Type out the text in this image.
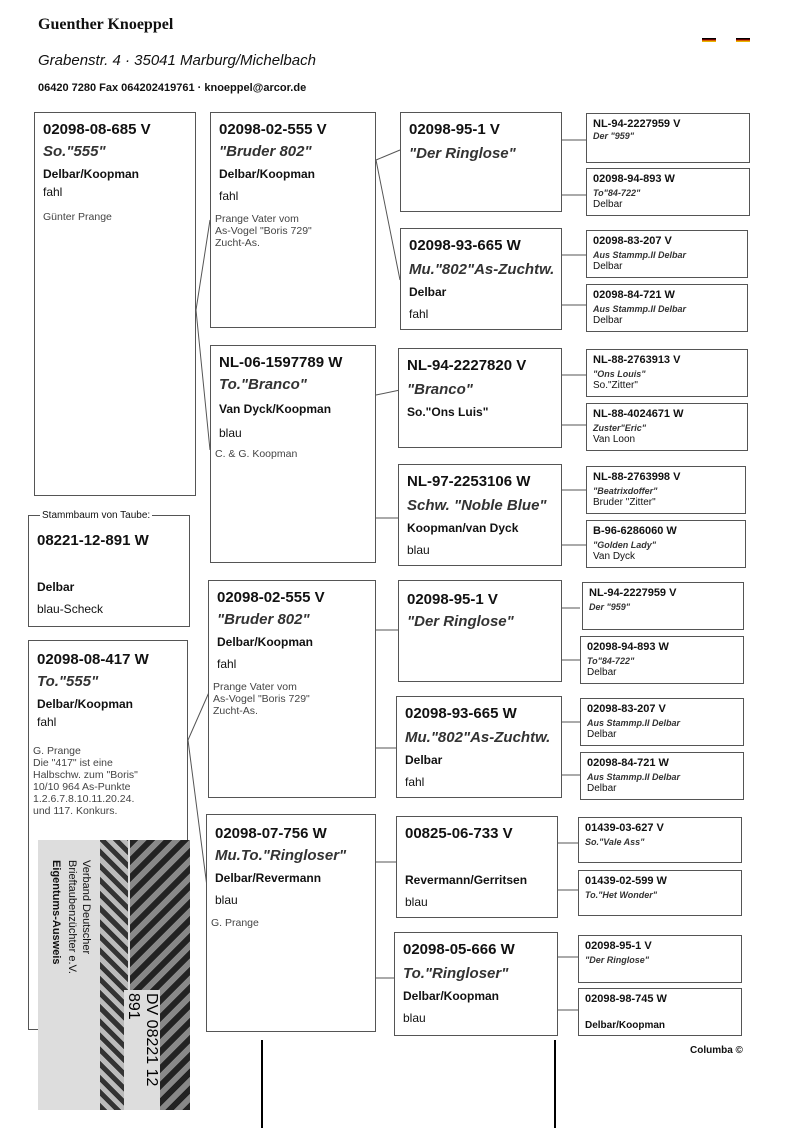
Guenther Knoeppel
Grabenstr. 4 · 35041 Marburg/Michelbach
06420 7280 Fax 064202419761 · knoeppel@arcor.de
02098-08-685 V
So."555"
Delbar/Koopman
fahl
Günter Prange
08221-12-891 W
Delbar
blau-Scheck
Stammbaum von Taube:
02098-08-417 W
To."555"
Delbar/Koopman
fahl
G. Prange
Die "417" ist eine
Halbschw. zum "Boris"
10/10 964 As-Punkte
1.2.6.7.8.10.11.20.24.
und 117. Konkurs.
DV 08221 12 891
Verband Deutscher
Brieftaubenzüchter e.V.
Eigentums-Ausweis
02098-02-555 V
"Bruder 802"
Delbar/Koopman
fahl
Prange Vater vom
As-Vogel "Boris 729"
Zucht-As.
NL-06-1597789 W
To."Branco"
Van Dyck/Koopman
blau
C. & G. Koopman
02098-02-555 V
"Bruder 802"
Delbar/Koopman
fahl
Prange Vater vom
As-Vogel "Boris 729"
Zucht-As.
02098-07-756 W
Mu.To."Ringloser"
Delbar/Revermann
blau
G. Prange
02098-95-1 V
"Der Ringlose"
02098-93-665 W
Mu."802"As-Zuchtw.
Delbar
fahl
NL-94-2227820 V
"Branco"
So."Ons Luis"
NL-97-2253106 W
Schw. "Noble Blue"
Koopman/van Dyck
blau
02098-95-1 V
"Der Ringlose"
02098-93-665 W
Mu."802"As-Zuchtw.
Delbar
fahl
00825-06-733 V
Revermann/Gerritsen
blau
02098-05-666 W
To."Ringloser"
Delbar/Koopman
blau
NL-94-2227959 V
Der "959"
02098-94-893 W
To"84-722"
Delbar
02098-83-207 V
Aus Stammp.II Delbar
Delbar
02098-84-721 W
Aus Stammp.II Delbar
Delbar
NL-88-2763913 V
"Ons Louis"
So."Zitter"
NL-88-4024671 W
Zuster"Eric"
Van Loon
NL-88-2763998 V
"Beatrixdoffer"
Bruder "Zitter"
B-96-6286060 W
"Golden Lady"
Van Dyck
NL-94-2227959 V
Der "959"
02098-94-893 W
To"84-722"
Delbar
02098-83-207 V
Aus Stammp.II Delbar
Delbar
02098-84-721 W
Aus Stammp.II Delbar
Delbar
01439-03-627 V
So."Vale Ass"
01439-02-599 W
To."Het Wonder"
02098-95-1 V
"Der Ringlose"
02098-98-745 W
Delbar/Koopman
Columba ©
